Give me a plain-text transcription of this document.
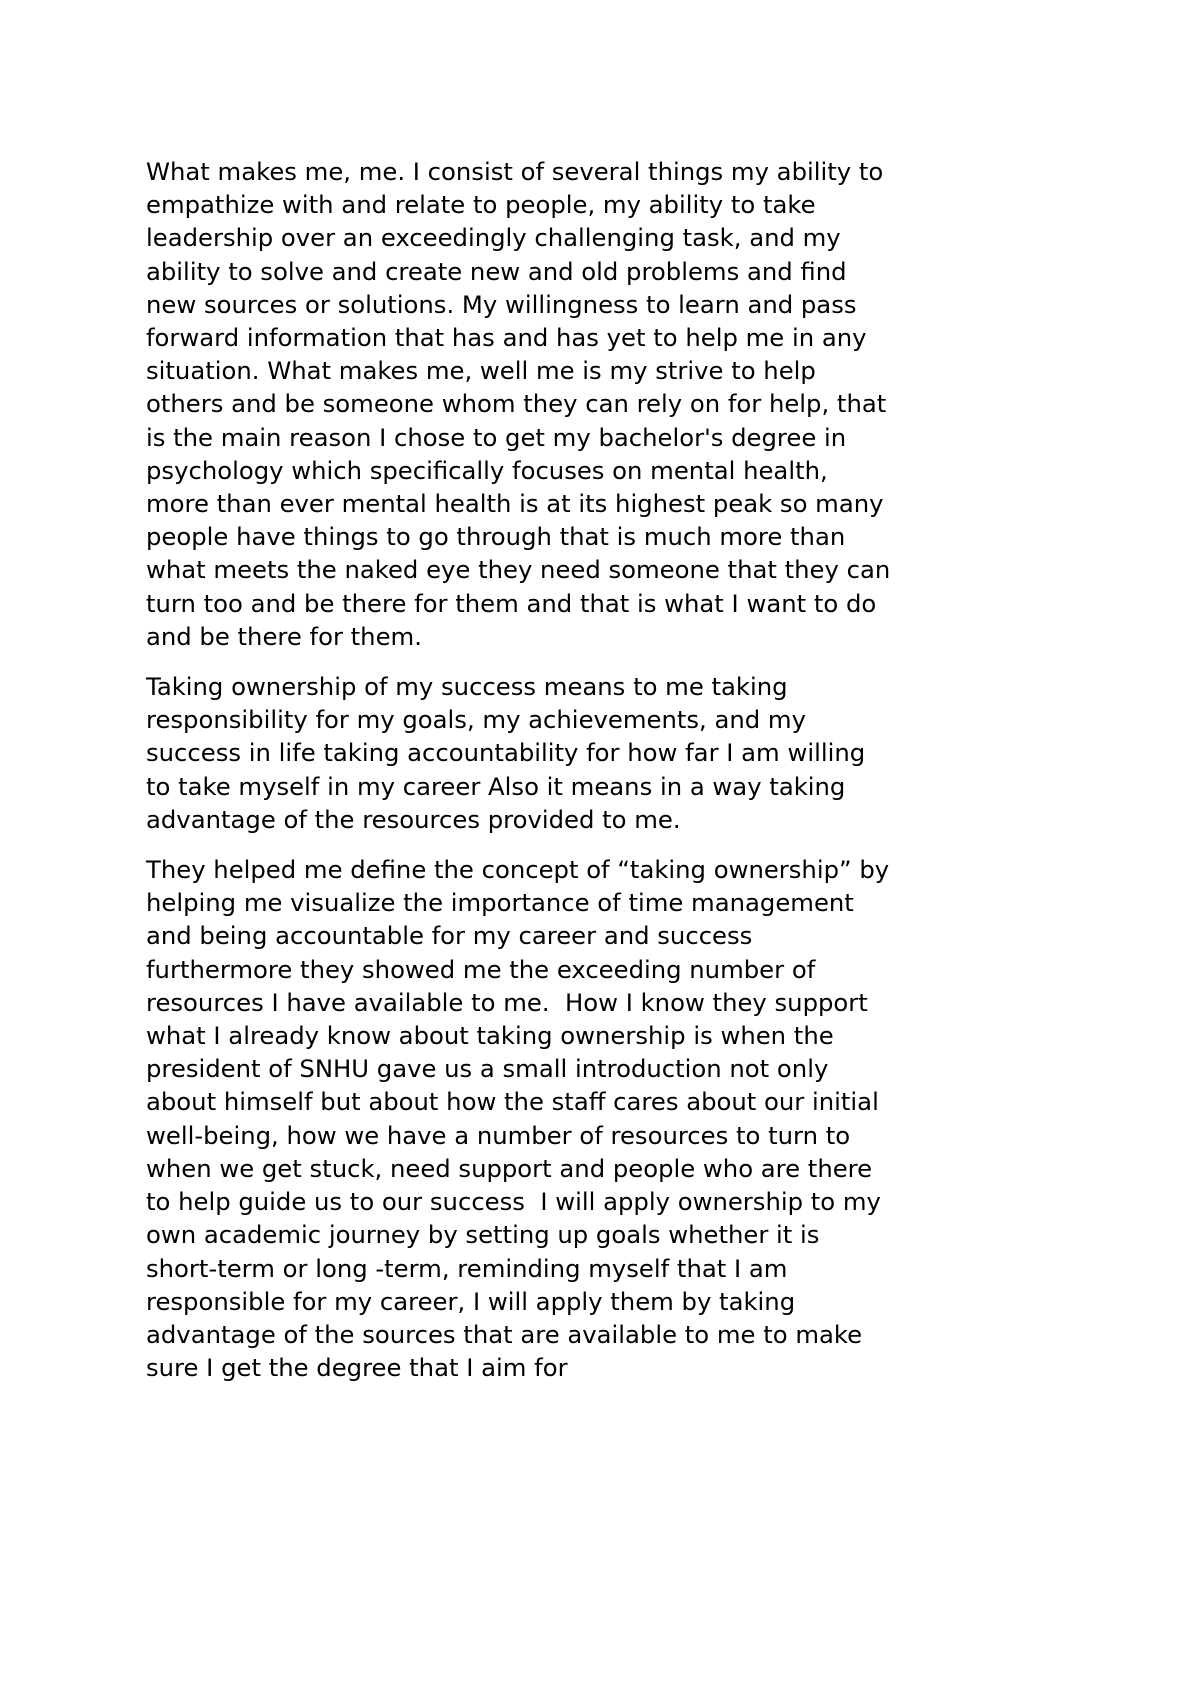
What makes me, me. I consist of several things my ability to
empathize with and relate to people, my ability to take
leadership over an exceedingly challenging task, and my
ability to solve and create new and old problems and find
new sources or solutions. My willingness to learn and pass
forward information that has and has yet to help me in any
situation. What makes me, well me is my strive to help
others and be someone whom they can rely on for help, that
is the main reason I chose to get my bachelor's degree in
psychology which specifically focuses on mental health,
more than ever mental health is at its highest peak so many
people have things to go through that is much more than
what meets the naked eye they need someone that they can
turn too and be there for them and that is what I want to do
and be there for them.

Taking ownership of my success means to me taking
responsibility for my goals, my achievements, and my
success in life taking accountability for how far I am willing
to take myself in my career Also it means in a way taking
advantage of the resources provided to me.

They helped me define the concept of “taking ownership” by
helping me visualize the importance of time management
and being accountable for my career and success
furthermore they showed me the exceeding number of
resources I have available to me.  How I know they support
what I already know about taking ownership is when the
president of SNHU gave us a small introduction not only
about himself but about how the staff cares about our initial
well-being, how we have a number of resources to turn to
when we get stuck, need support and people who are there
to help guide us to our success  I will apply ownership to my
own academic journey by setting up goals whether it is
short-term or long -term, reminding myself that I am
responsible for my career, I will apply them by taking
advantage of the sources that are available to me to make
sure I get the degree that I aim for
